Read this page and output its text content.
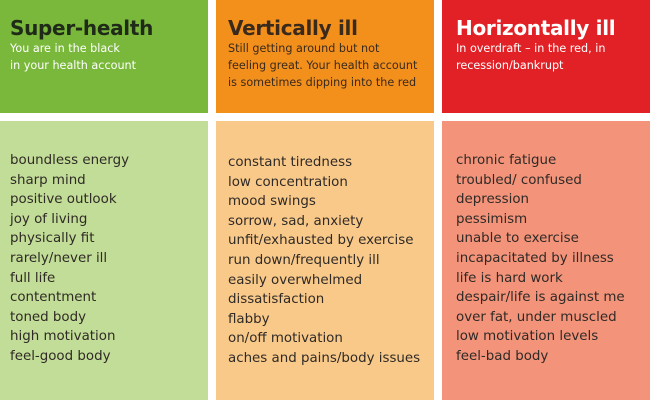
Super-health
You are in the black
in your health account
Vertically ill
Still getting around but not
feeling great. Your health account
is sometimes dipping into the red
Horizontally ill
In overdraft – in the red, in
recession/bankrupt
boundless energy
sharp mind
positive outlook
joy of living
physically fit
rarely/never ill
full life
contentment
toned body
high motivation
feel-good body
constant tiredness
low concentration
mood swings
sorrow, sad, anxiety
unfit/exhausted by exercise
run down/frequently ill
easily overwhelmed
dissatisfaction
flabby
on/off motivation
aches and pains/body issues
chronic fatigue
troubled/ confused
depression
pessimism
unable to exercise
incapacitated by illness
life is hard work
despair/life is against me
over fat, under muscled
low motivation levels
feel-bad body
